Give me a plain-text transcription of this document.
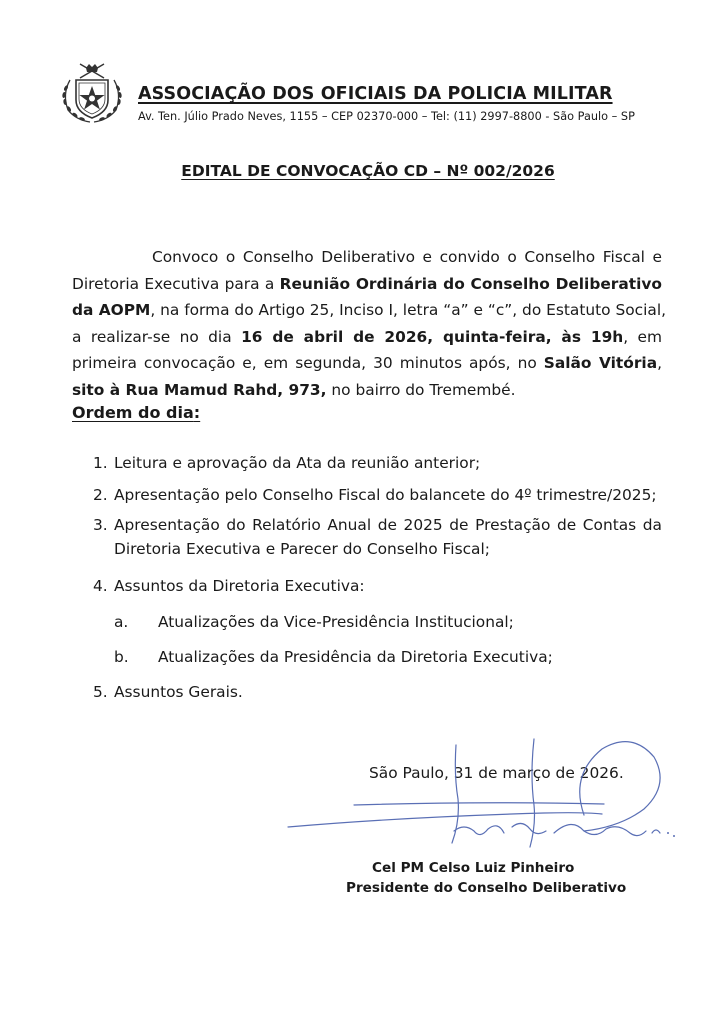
ASSOCIAÇÃO DOS OFICIAIS DA POLICIA MILITAR
Av. Ten. Júlio Prado Neves, 1155 – CEP 02370-000 – Tel: (11) 2997-8800 - São Paulo – SP
EDITAL DE CONVOCAÇÃO CD – Nº 002/2026
Convoco o Conselho Deliberativo e convido o Conselho Fiscal e
Diretoria Executiva para a Reunião Ordinária do Conselho Deliberativo
da AOPM, na forma do Artigo 25, Inciso I, letra “a” e “c”, do Estatuto Social,
a realizar-se no dia 16 de abril de 2026, quinta-feira, às 19h, em
primeira convocação e, em segunda, 30 minutos após, no Salão Vitória,
sito à Rua Mamud Rahd, 973, no bairro do Tremembé.
Ordem do dia:
1. Leitura e aprovação da Ata da reunião anterior;
2. Apresentação pelo Conselho Fiscal do balancete do 4º trimestre/2025;
3. Apresentação do Relatório Anual de 2025 de Prestação de Contas da
Diretoria Executiva e Parecer do Conselho Fiscal;
4. Assuntos da Diretoria Executiva:
a. Atualizações da Vice-Presidência Institucional;
b. Atualizações da Presidência da Diretoria Executiva;
5. Assuntos Gerais.
São Paulo, 31 de março de 2026.
Cel PM Celso Luiz Pinheiro
Presidente do Conselho Deliberativo
